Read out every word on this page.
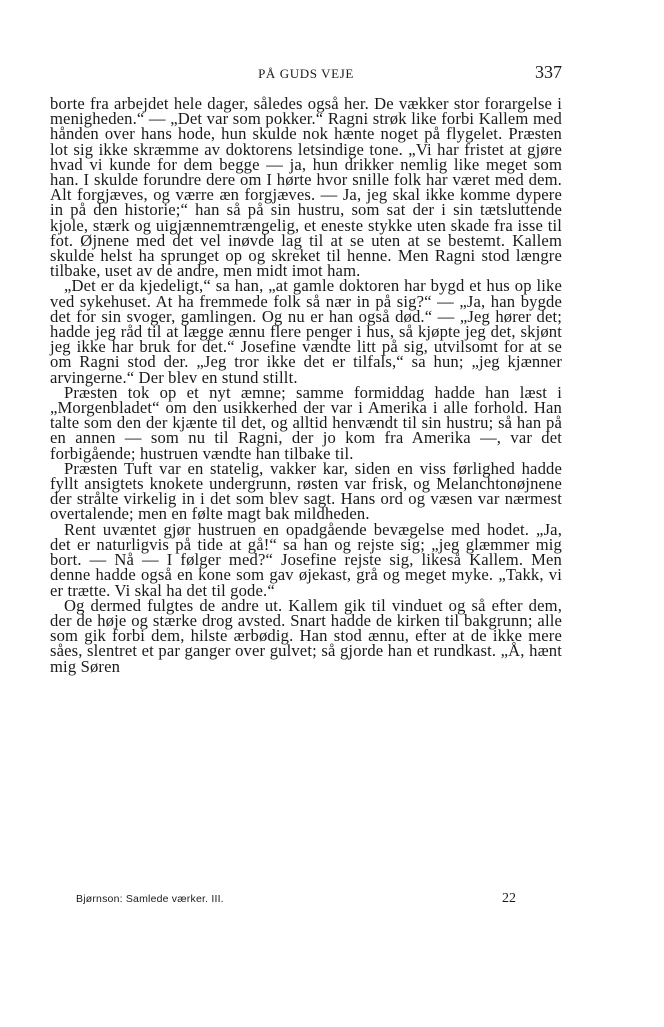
PÅ GUDS VEJE	337

borte fra arbejdet hele dager, således også her. De vækker stor forargelse i menigheden.“ — „Det var som pokker.“ Ragni strøk like forbi Kallem med hånden over hans hode, hun skulde nok hænte noget på flygelet. Præsten lot sig ikke skræmme av doktorens letsindige tone. „Vi har fristet at gjøre hvad vi kunde for dem begge — ja, hun drikker nemlig like meget som han. I skulde forundre dere om I hørte hvor snille folk har været med dem. Alt forgjæves, og værre æn forgjæves. — Ja, jeg skal ikke komme dypere in på den historie;“ han så på sin hustru, som sat der i sin tætsluttende kjole, stærk og uigjænnemtrængelig, et eneste stykke uten skade fra isse til fot. Øjnene med det vel inøvde lag til at se uten at se bestemt. Kallem skulde helst ha sprunget op og skreket til henne. Men Ragni stod længre tilbake, uset av de andre, men midt imot ham.

„Det er da kjedeligt,“ sa han, „at gamle doktoren har bygd et hus op like ved sykehuset. At ha fremmede folk så nær in på sig?“ — „Ja, han bygde det for sin svoger, gamlingen. Og nu er han også død.“ — „Jeg hører det; hadde jeg råd til at lægge ænnu flere penger i hus, så kjøpte jeg det, skjønt jeg ikke har bruk for det.“ Josefine vændte litt på sig, utvilsomt for at se om Ragni stod der. „Jeg tror ikke det er tilfals,“ sa hun; „jeg kjænner arvingerne.“ Der blev en stund stillt.

Præsten tok op et nyt æmne; samme formiddag hadde han læst i „Morgenbladet“ om den usikkerhed der var i Amerika i alle forhold. Han talte som den der kjænte til det, og alltid henvændt til sin hustru; så han på en annen — som nu til Ragni, der jo kom fra Amerika —, var det forbigående; hustruen vændte han tilbake til.

Præsten Tuft var en statelig, vakker kar, siden en viss førlighed hadde fyllt ansigtets knokete undergrunn, røsten var frisk, og Melanchtonøjnene der strålte virkelig in i det som blev sagt. Hans ord og væsen var nærmest overtalende; men en følte magt bak mildheden.

Rent uvæntet gjør hustruen en opadgående bevægelse med hodet. „Ja, det er naturligvis på tide at gå!“ sa han og rejste sig; „jeg glæmmer mig bort. — Nå — I følger med?“ Josefine rejste sig, likeså Kallem. Men denne hadde også en kone som gav øjekast, grå og meget myke. „Takk, vi er trætte. Vi skal ha det til gode.“

Og dermed fulgtes de andre ut. Kallem gik til vinduet og så efter dem, der de høje og stærke drog avsted. Snart hadde de kirken til bakgrunn; alle som gik forbi dem, hilste ærbødig. Han stod ænnu, efter at de ikke mere såes, slentret et par ganger over gulvet; så gjorde han et rundkast. „Å, hænt mig Søren

Bjørnson: Samlede værker. III.	22
